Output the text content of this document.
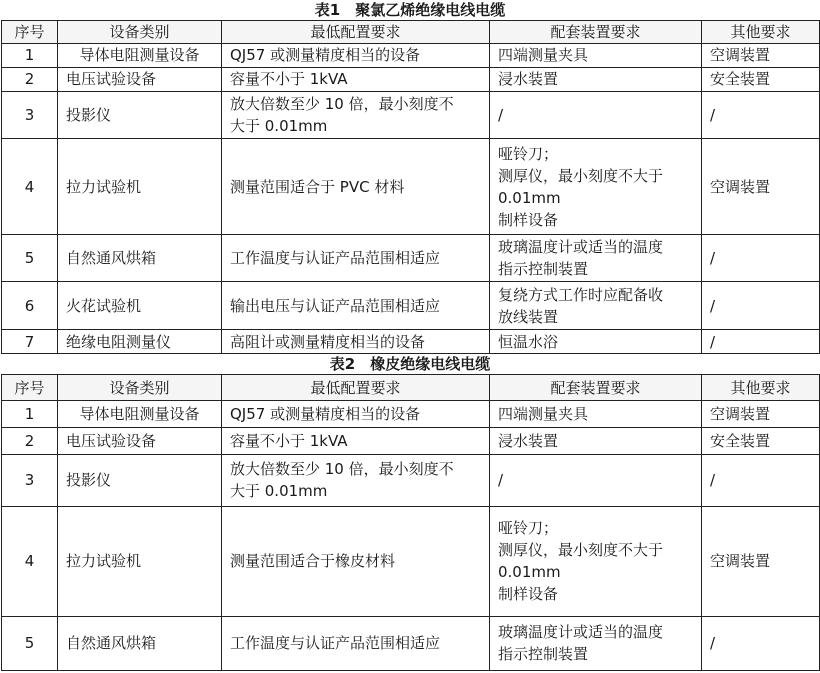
表1　聚氯乙烯绝缘电线电缆

序号	设备类别	最低配置要求	配套装置要求	其他要求
1	导体电阻测量设备	QJ57 或测量精度相当的设备	四端测量夹具	空调装置
2	电压试验设备	容量不小于 1kVA	浸水装置	安全装置
3	投影仪	放大倍数至少 10 倍，最小刻度不
大于 0.01mm	/	/
4	拉力试验机	测量范围适合于 PVC 材料	哑铃刀；
测厚仪，最小刻度不大于
0.01mm
制样设备	空调装置
5	自然通风烘箱	工作温度与认证产品范围相适应	玻璃温度计或适当的温度
指示控制装置	/
6	火花试验机	输出电压与认证产品范围相适应	复绕方式工作时应配备收
放线装置	/
7	绝缘电阻测量仪	高阻计或测量精度相当的设备	恒温水浴	/

表2　橡皮绝缘电线电缆

序号	设备类别	最低配置要求	配套装置要求	其他要求
1	导体电阻测量设备	QJ57 或测量精度相当的设备	四端测量夹具	空调装置
2	电压试验设备	容量不小于 1kVA	浸水装置	安全装置
3	投影仪	放大倍数至少 10 倍，最小刻度不
大于 0.01mm	/	/
4	拉力试验机	测量范围适合于橡皮材料	哑铃刀；
测厚仪，最小刻度不大于
0.01mm
制样设备	空调装置
5	自然通风烘箱	工作温度与认证产品范围相适应	玻璃温度计或适当的温度
指示控制装置	/
